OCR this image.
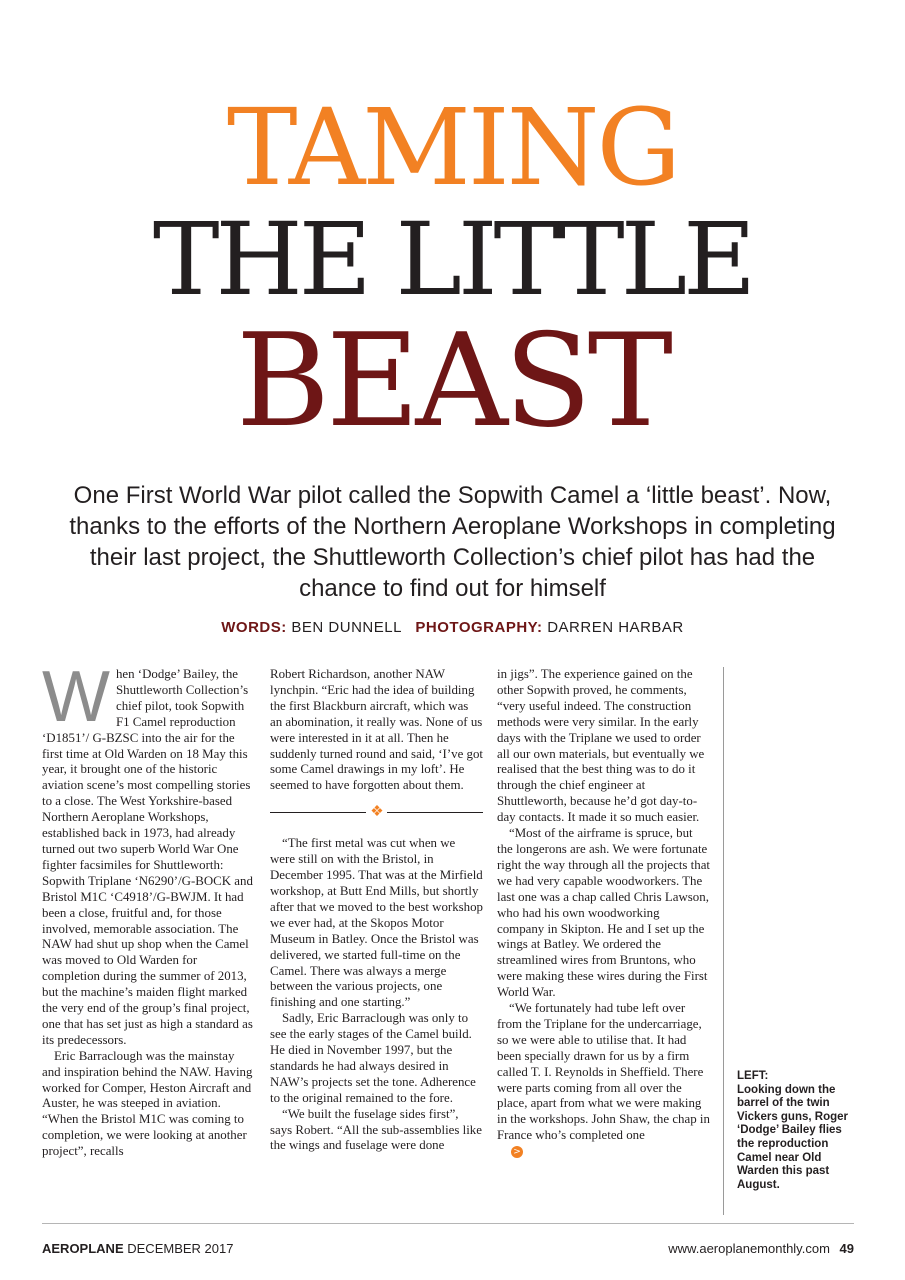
TAMING
THE LITTLE
BEAST
One First World War pilot called the Sopwith Camel a ‘little beast’. Now, thanks to the efforts of the Northern Aeroplane Workshops in completing their last project, the Shuttleworth Collection’s chief pilot has had the chance to find out for himself
WORDS: BEN DUNNELL PHOTOGRAPHY: DARREN HARBAR
W hen ‘Dodge’ Bailey, the Shuttleworth Collection’s chief pilot, took Sopwith F1 Camel reproduction ‘D1851’/ G-BZSC into the air for the first time at Old Warden on 18 May this year, it brought one of the historic aviation scene’s most compelling stories to a close. The West Yorkshire-based Northern Aeroplane Workshops, established back in 1973, had already turned out two superb World War One fighter facsimiles for Shuttleworth: Sopwith Triplane ‘N6290’/G-BOCK and Bristol M1C ‘C4918’/G-BWJM. It had been a close, fruitful and, for those involved, memorable association. The NAW had shut up shop when the Camel was moved to Old Warden for completion during the summer of 2013, but the machine’s maiden flight marked the very end of the group’s final project, one that has set just as high a standard as its predecessors.

Eric Barraclough was the mainstay and inspiration behind the NAW. Having worked for Comper, Heston Aircraft and Auster, he was steeped in aviation. “When the Bristol M1C was coming to completion, we were looking at another project”, recalls

Robert Richardson, another NAW lynchpin. “Eric had the idea of building the first Blackburn aircraft, which was an abomination, it really was. None of us were interested in it at all. Then he suddenly turned round and said, ‘I’ve got some Camel drawings in my loft’. He seemed to have forgotten about them.

❖

“The first metal was cut when we were still on with the Bristol, in December 1995. That was at the Mirfield workshop, at Butt End Mills, but shortly after that we moved to the best workshop we ever had, at the Skopos Motor Museum in Batley. Once the Bristol was delivered, we started full-time on the Camel. There was always a merge between the various projects, one finishing and one starting.”

Sadly, Eric Barraclough was only to see the early stages of the Camel build. He died in November 1997, but the standards he had always desired in NAW’s projects set the tone. Adherence to the original remained to the fore.

“We built the fuselage sides first”, says Robert. “All the sub-assemblies like the wings and fuselage were done

in jigs”. The experience gained on the other Sopwith proved, he comments, “very useful indeed. The construction methods were very similar. In the early days with the Triplane we used to order all our own materials, but eventually we realised that the best thing was to do it through the chief engineer at Shuttleworth, because he’d got day-to-day contacts. It made it so much easier.

“Most of the airframe is spruce, but the longerons are ash. We were fortunate right the way through all the projects that we had very capable woodworkers. The last one was a chap called Chris Lawson, who had his own woodworking company in Skipton. He and I set up the wings at Batley. We ordered the streamlined wires from Bruntons, who were making these wires during the First World War.

“We fortunately had tube left over from the Triplane for the undercarriage, so we were able to utilise that. It had been specially drawn for us by a firm called T. I. Reynolds in Sheffield. There were parts coming from all over the place, apart from what we were making in the workshops. John Shaw, the chap in France who’s completed one

>
LEFT:
Looking down the barrel of the twin Vickers guns, Roger ‘Dodge’ Bailey flies the reproduction Camel near Old Warden this past August.
AEROPLANE DECEMBER 2017	www.aeroplanemonthly.com 49
